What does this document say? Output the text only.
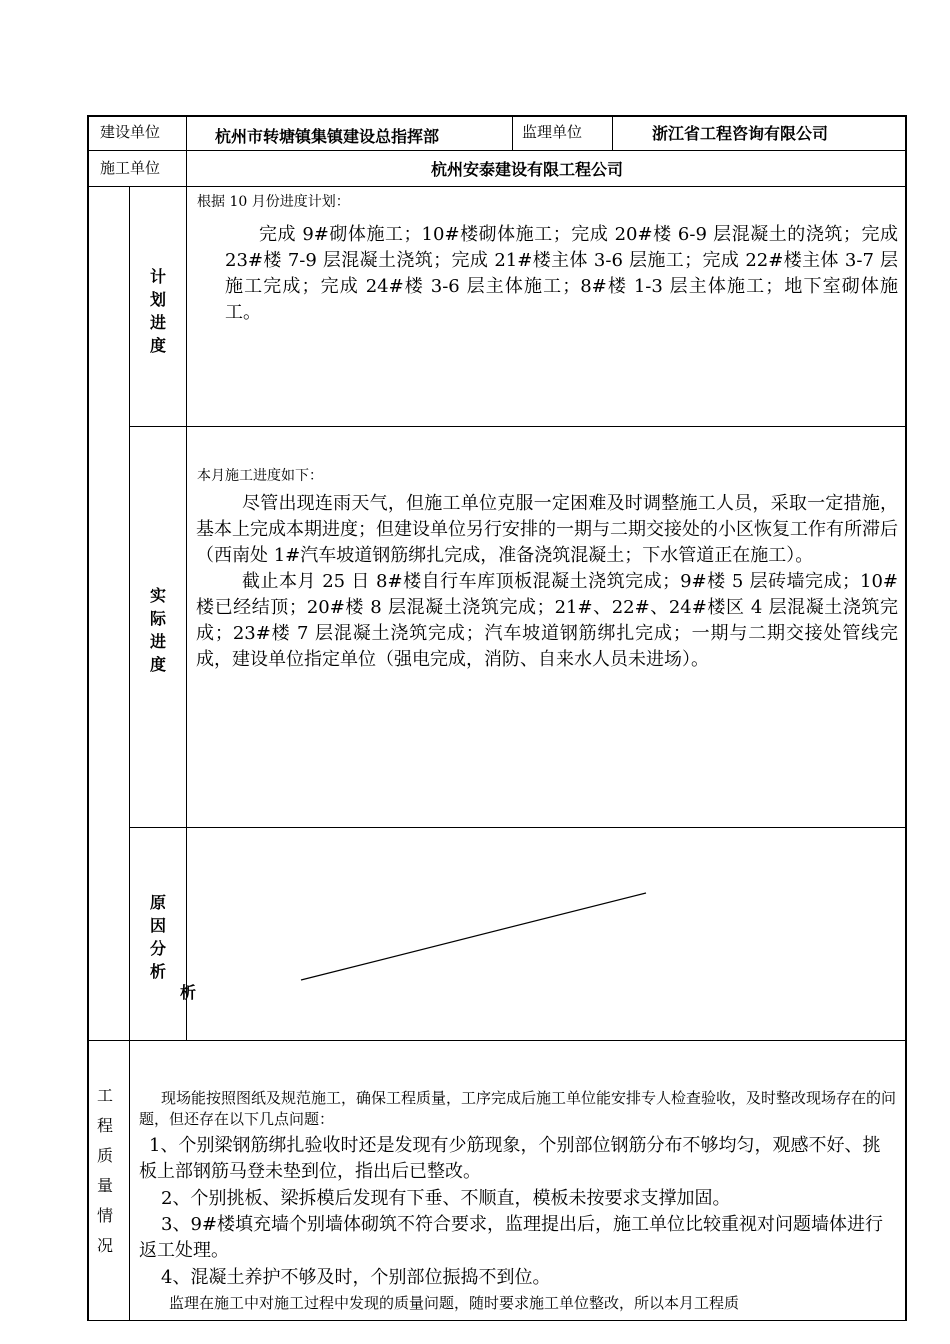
建设单位	杭州市转塘镇集镇建设总指挥部	监理单位	浙江省工程咨询有限公司
施工单位	杭州安泰建设有限工程公司
计
划
进
度
根据 10 月份进度计划：

完成 9#砌体施工；10#楼砌体施工；完成 20#楼 6-9 层混凝土的浇筑；完成 23#楼 7-9 层混凝土浇筑；完成 21#楼主体 3-6 层施工；完成 22#楼主体 3-7 层施工完成；完成 24#楼 3-6 层主体施工；8#楼 1-3 层主体施工；地下室砌体施工。

实
际
进
度
本月施工进度如下：

尽管出现连雨天气，但施工单位克服一定困难及时调整施工人员，采取一定措施，基本上完成本期进度；但建设单位另行安排的一期与二期交接处的小区恢复工作有所滞后（西南处 1#汽车坡道钢筋绑扎完成，准备浇筑混凝土；下水管道正在施工）。

截止本月 25 日 8#楼自行车库顶板混凝土浇筑完成；9#楼 5 层砖墙完成；10#楼已经结顶；20#楼 8 层混凝土浇筑完成；21#、22#、24#楼区 4 层混凝土浇筑完成；23#楼 7 层混凝土浇筑完成；汽车坡道钢筋绑扎完成；一期与二期交接处管线完成，建设单位指定单位（强电完成，消防、自来水人员未进场）。

原
因
分
析
析
工
程
质
量
情
况

现场能按照图纸及规范施工，确保工程质量，工序完成后施工单位能安排专人检查验收，及时整改现场存在的问题，但还存在以下几点问题：

1、个别梁钢筋绑扎验收时还是发现有少筋现象，个别部位钢筋分布不够均匀，观感不好、挑板上部钢筋马登未垫到位，指出后已整改。

2、个别挑板、梁拆模后发现有下垂、不顺直，模板未按要求支撑加固。

3、9#楼填充墙个别墙体砌筑不符合要求，监理提出后，施工单位比较重视对问题墙体进行返工处理。

4、混凝土养护不够及时，个别部位振捣不到位。

监理在施工中对施工过程中发现的质量问题，随时要求施工单位整改，所以本月工程质
